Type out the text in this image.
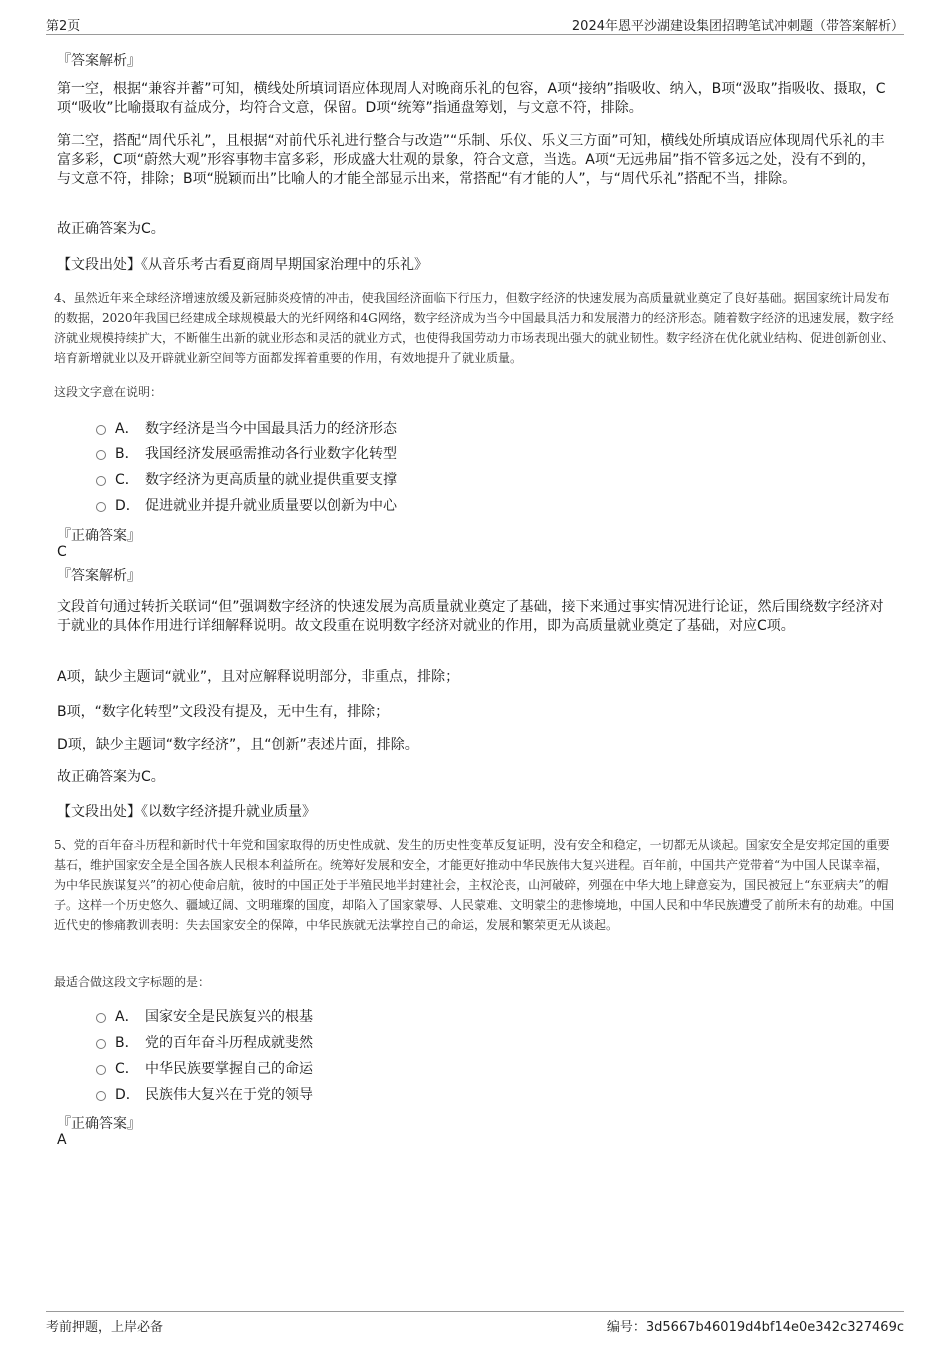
第2页	2024年恩平沙湖建设集团招聘笔试冲刺题（带答案解析）
『答案解析』
第一空，根据“兼容并蓄”可知，横线处所填词语应体现周人对晚商乐礼的包容，A项“接纳”指吸收、纳入，B项“汲取”指吸收、摄取，C项“吸收”比喻摄取有益成分，均符合文意，保留。D项“统筹”指通盘筹划，与文意不符，排除。
第二空，搭配“周代乐礼”，且根据“对前代乐礼进行整合与改造”“乐制、乐仪、乐义三方面”可知，横线处所填成语应体现周代乐礼的丰富多彩，C项“蔚然大观”形容事物丰富多彩，形成盛大壮观的景象，符合文意，当选。A项“无远弗届”指不管多远之处，没有不到的，与文意不符，排除；B项“脱颖而出”比喻人的才能全部显示出来，常搭配“有才能的人”，与“周代乐礼”搭配不当，排除。
故正确答案为C。
【文段出处】《从音乐考古看夏商周早期国家治理中的乐礼》
4、虽然近年来全球经济增速放缓及新冠肺炎疫情的冲击，使我国经济面临下行压力，但数字经济的快速发展为高质量就业奠定了良好基础。据国家统计局发布的数据，2020年我国已经建成全球规模最大的光纤网络和4G网络，数字经济成为当今中国最具活力和发展潜力的经济形态。随着数字经济的迅速发展，数字经济就业规模持续扩大，不断催生出新的就业形态和灵活的就业方式，也使得我国劳动力市场表现出强大的就业韧性。数字经济在优化就业结构、促进创新创业、培育新增就业以及开辟就业新空间等方面都发挥着重要的作用，有效地提升了就业质量。
这段文字意在说明：
A． 数字经济是当今中国最具活力的经济形态
B． 我国经济发展亟需推动各行业数字化转型
C． 数字经济为更高质量的就业提供重要支撑
D． 促进就业并提升就业质量要以创新为中心
『正确答案』
C
『答案解析』
文段首句通过转折关联词“但”强调数字经济的快速发展为高质量就业奠定了基础，接下来通过事实情况进行论证，然后围绕数字经济对于就业的具体作用进行详细解释说明。故文段重在说明数字经济对就业的作用，即为高质量就业奠定了基础，对应C项。
A项，缺少主题词“就业”，且对应解释说明部分，非重点，排除；
B项，“数字化转型”文段没有提及，无中生有，排除；
D项，缺少主题词“数字经济”，且“创新”表述片面，排除。
故正确答案为C。
【文段出处】《以数字经济提升就业质量》
5、党的百年奋斗历程和新时代十年党和国家取得的历史性成就、发生的历史性变革反复证明，没有安全和稳定，一切都无从谈起。国家安全是安邦定国的重要基石，维护国家安全是全国各族人民根本利益所在。统筹好发展和安全，才能更好推动中华民族伟大复兴进程。百年前，中国共产党带着“为中国人民谋幸福，为中华民族谋复兴”的初心使命启航，彼时的中国正处于半殖民地半封建社会，主权沦丧，山河破碎，列强在中华大地上肆意妄为，国民被冠上“东亚病夫”的帽子。这样一个历史悠久、疆域辽阔、文明璀璨的国度，却陷入了国家蒙辱、人民蒙难、文明蒙尘的悲惨境地，中国人民和中华民族遭受了前所未有的劫难。中国近代史的惨痛教训表明：失去国家安全的保障，中华民族就无法掌控自己的命运，发展和繁荣更无从谈起。
最适合做这段文字标题的是：
A． 国家安全是民族复兴的根基
B． 党的百年奋斗历程成就斐然
C． 中华民族要掌握自己的命运
D． 民族伟大复兴在于党的领导
『正确答案』
A
考前押题，上岸必备	编号：3d5667b46019d4bf14e0e342c327469c
